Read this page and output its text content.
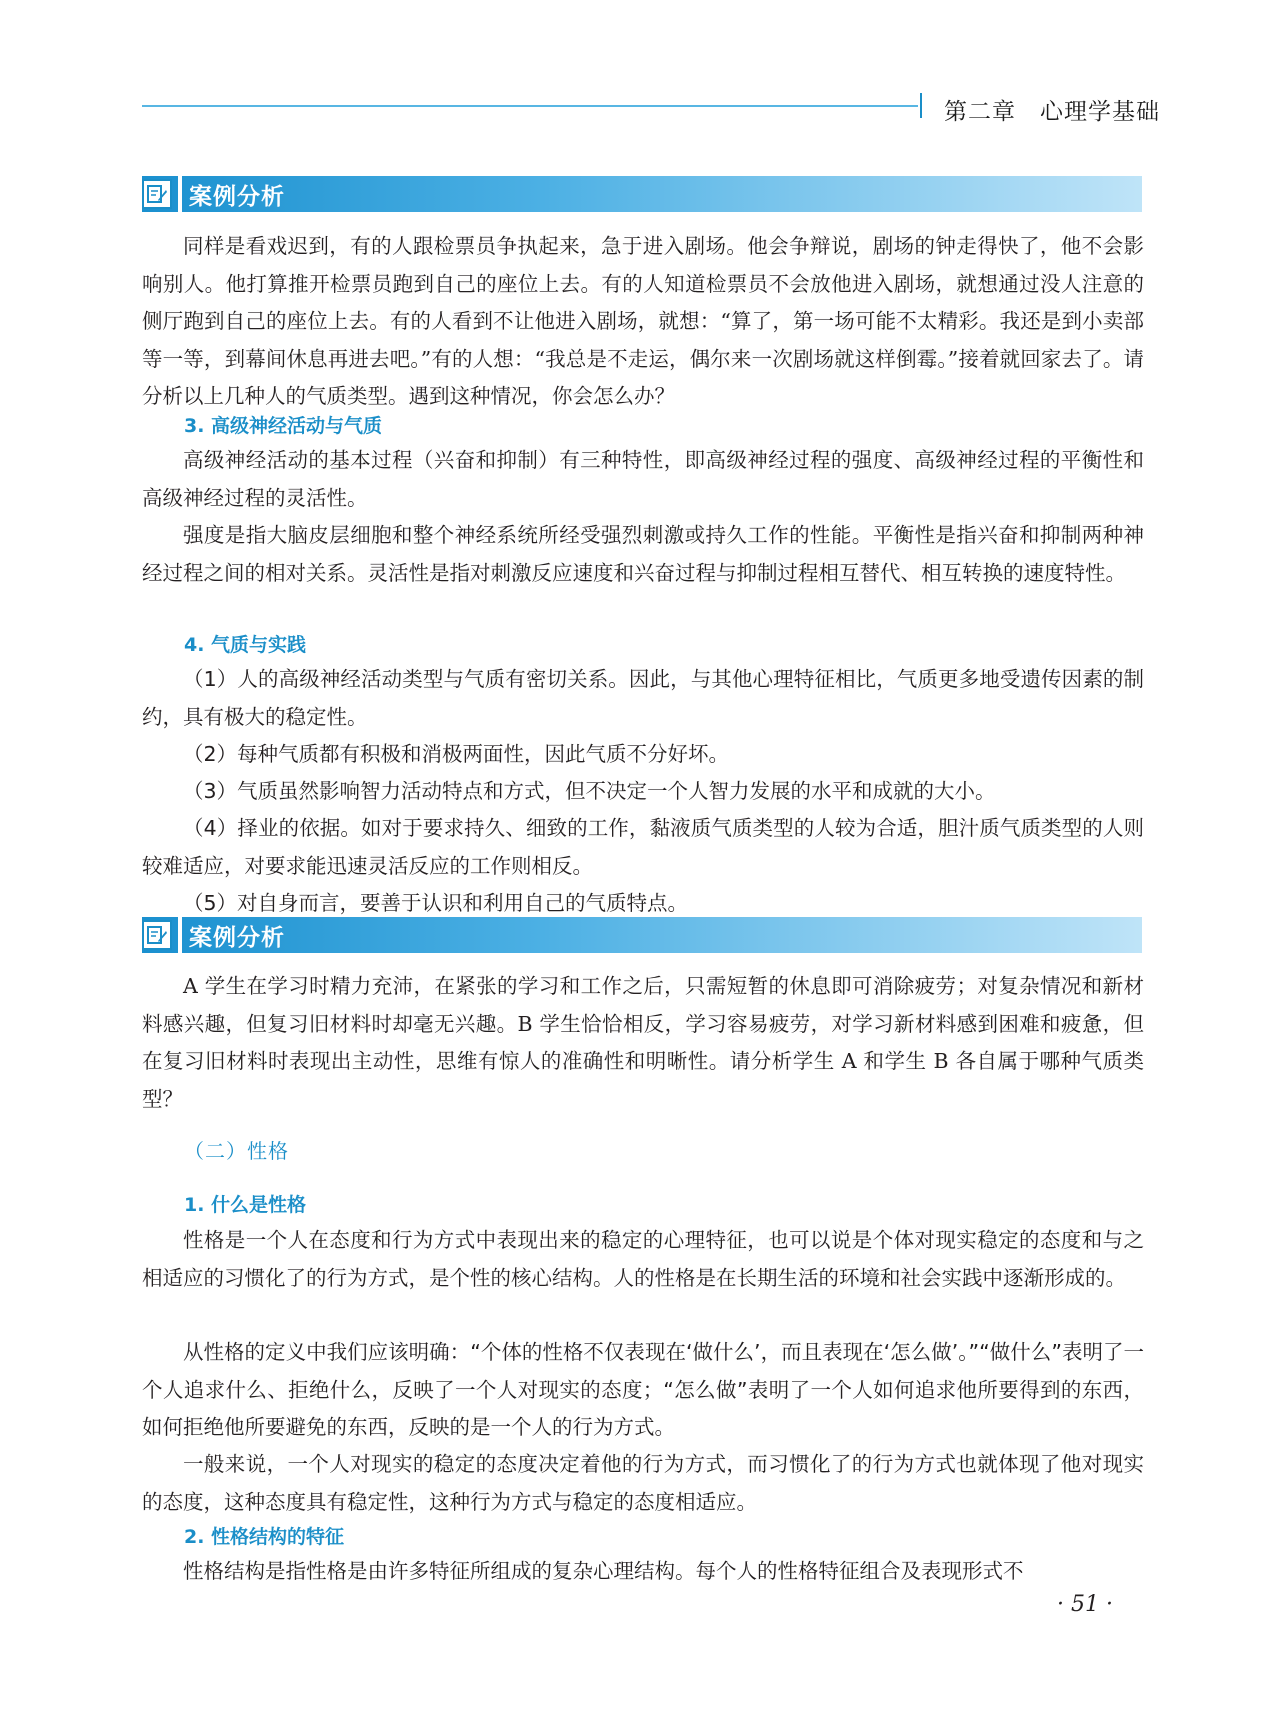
第二章　心理学基础
案例分析

同样是看戏迟到，有的人跟检票员争执起来，急于进入剧场。他会争辩说，剧场的钟走得快了，他不会影响别人。他打算推开检票员跑到自己的座位上去。有的人知道检票员不会放他进入剧场，就想通过没人注意的侧厅跑到自己的座位上去。有的人看到不让他进入剧场，就想：“算了，第一场可能不太精彩。我还是到小卖部等一等，到幕间休息再进去吧。”有的人想：“我总是不走运，偶尔来一次剧场就这样倒霉。”接着就回家去了。请分析以上几种人的气质类型。遇到这种情况，你会怎么办？

3. 高级神经活动与气质

高级神经活动的基本过程（兴奋和抑制）有三种特性，即高级神经过程的强度、高级神经过程的平衡性和高级神经过程的灵活性。

强度是指大脑皮层细胞和整个神经系统所经受强烈刺激或持久工作的性能。平衡性是指兴奋和抑制两种神经过程之间的相对关系。灵活性是指对刺激反应速度和兴奋过程与抑制过程相互替代、相互转换的速度特性。

4. 气质与实践

（1）人的高级神经活动类型与气质有密切关系。因此，与其他心理特征相比，气质更多地受遗传因素的制约，具有极大的稳定性。

（2）每种气质都有积极和消极两面性，因此气质不分好坏。

（3）气质虽然影响智力活动特点和方式，但不决定一个人智力发展的水平和成就的大小。

（4）择业的依据。如对于要求持久、细致的工作，黏液质气质类型的人较为合适，胆汁质气质类型的人则较难适应，对要求能迅速灵活反应的工作则相反。

（5）对自身而言，要善于认识和利用自己的气质特点。

案例分析

A 学生在学习时精力充沛，在紧张的学习和工作之后，只需短暂的休息即可消除疲劳；对复杂情况和新材料感兴趣，但复习旧材料时却毫无兴趣。B 学生恰恰相反，学习容易疲劳，对学习新材料感到困难和疲惫，但在复习旧材料时表现出主动性，思维有惊人的准确性和明晰性。请分析学生 A 和学生 B 各自属于哪种气质类型？

（二）性格

1. 什么是性格

性格是一个人在态度和行为方式中表现出来的稳定的心理特征，也可以说是个体对现实稳定的态度和与之相适应的习惯化了的行为方式，是个性的核心结构。人的性格是在长期生活的环境和社会实践中逐渐形成的。

从性格的定义中我们应该明确：“个体的性格不仅表现在‘做什么’，而且表现在‘怎么做’。”“做什么”表明了一个人追求什么、拒绝什么，反映了一个人对现实的态度；“怎么做”表明了一个人如何追求他所要得到的东西，如何拒绝他所要避免的东西，反映的是一个人的行为方式。

一般来说，一个人对现实的稳定的态度决定着他的行为方式，而习惯化了的行为方式也就体现了他对现实的态度，这种态度具有稳定性，这种行为方式与稳定的态度相适应。

2. 性格结构的特征

性格结构是指性格是由许多特征所组成的复杂心理结构。每个人的性格特征组合及表现形式不

· 51 ·
